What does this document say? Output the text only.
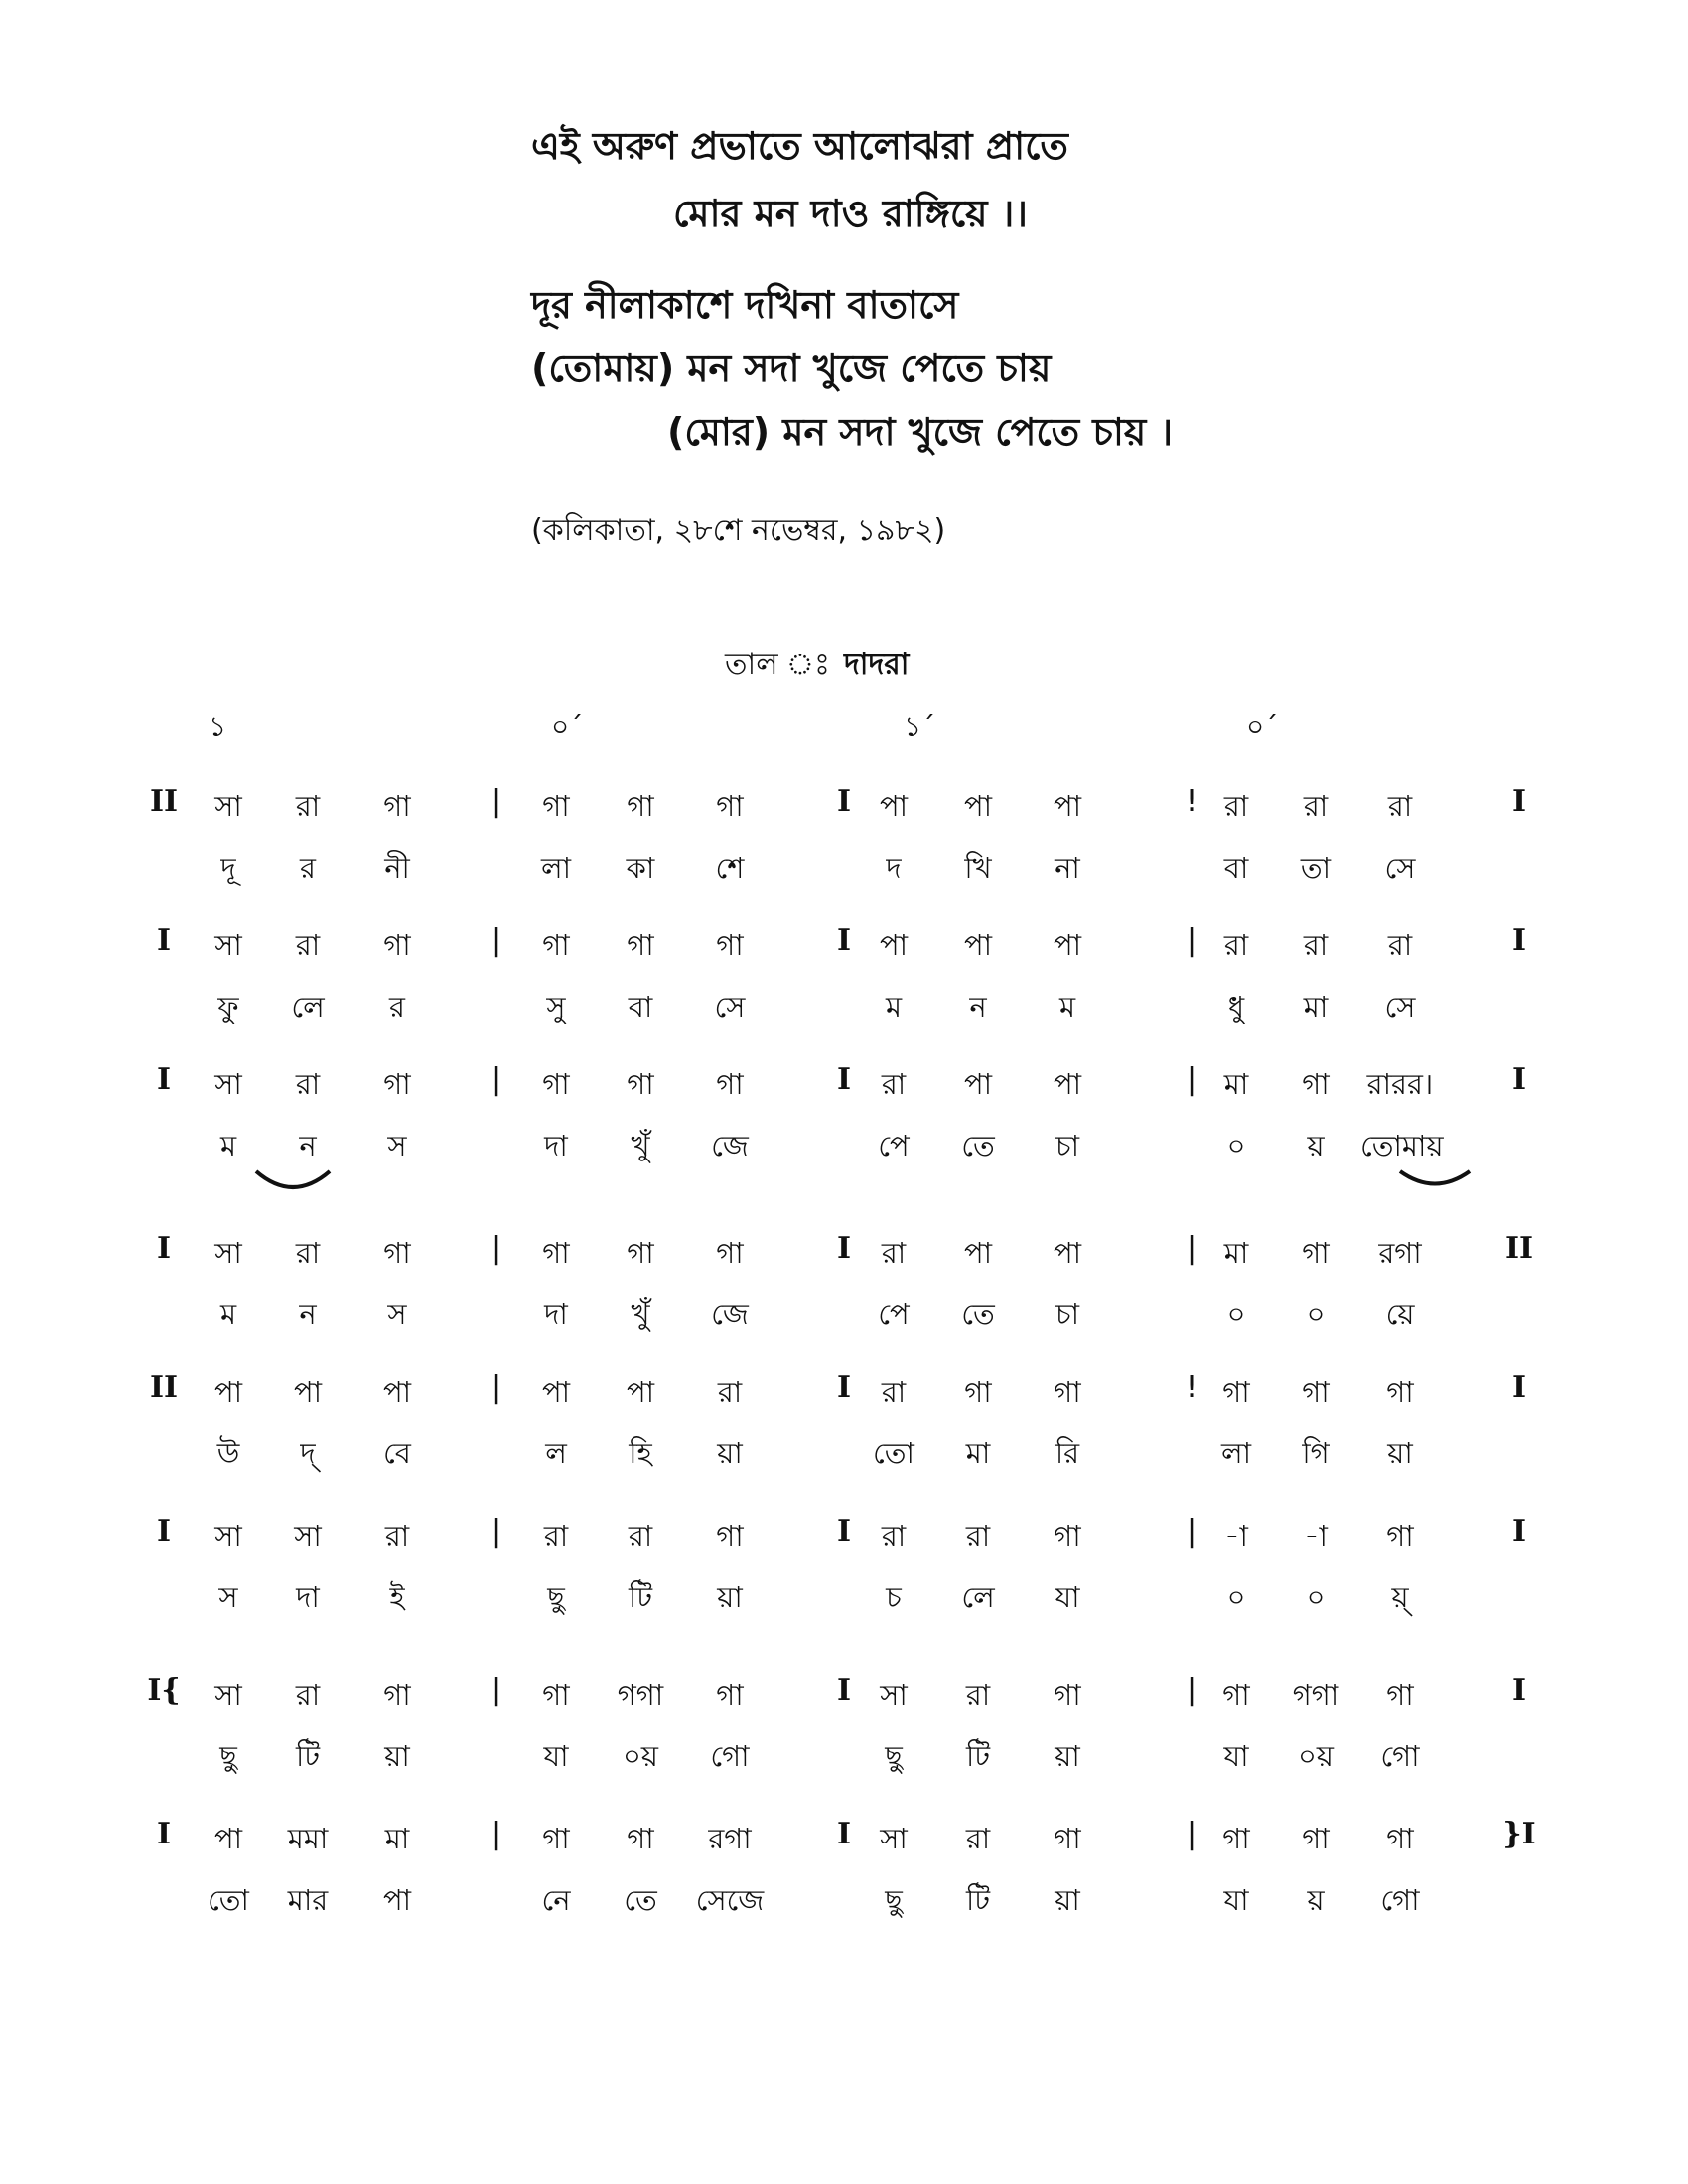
এই অরুণ প্রভাতে আলোঝরা প্রাতে
মোর মন দাও রাঙ্গিয়ে ।।
দূর নীলাকাশে দখিনা বাতাসে
(তোমায়) মন সদা খুজে পেতে চায়
(মোর) মন সদা খুজে পেতে চায় ।
(কলিকাতা, ২৮শে নভেম্বর, ১৯৮২)
তাল ঃ দাদরা
১	০´	১´	০´
II	|	I	!	I
সা	রা	গা	গা	গা	গা	পা	পা	পা	রা	রা	রা
দূ	র	নী	লা	কা	শে	দ	খি	না	বা	তা	সে
I	|	I	|	I
সা	রা	গা	গা	গা	গা	পা	পা	পা	রা	রা	রা
ফু	লে	র	সু	বা	সে	ম	ন	ম	ধু	মা	সে
I	|	I	|	I
সা	রা	গা	গা	গা	গা	রা	পা	পা	মা	গা	রারর।
ম	ন	স	দা	খুঁ	জে	পে	তে	চা	০	য়	তোমায়
I	|	I	|	II
সা	রা	গা	গা	গা	গা	রা	পা	পা	মা	গা	রগা
ম	ন	স	দা	খুঁ	জে	পে	তে	চা	০	০	য়ে
II	|	I	!	I
পা	পা	পা	পা	পা	রা	রা	গা	গা	গা	গা	গা
উ	দ্	বে	ল	হি	য়া	তো	মা	রি	লা	গি	য়া
I	|	I	|	I
সা	সা	রা	রা	রা	গা	রা	রা	গা	-া	-া	গা
স	দা	ই	ছু	টি	য়া	চ	লে	যা	০	০	য়্
I{	|	I	|	I
সা	রা	গা	গা	গগা	গা	সা	রা	গা	গা	গগা	গা
ছু	টি	য়া	যা	০য়	গো	ছু	টি	য়া	যা	০য়	গো
I	|	I	|	}I
পা	মমা	মা	গা	গা	রগা	সা	রা	গা	গা	গা	গা
তো	মার	পা	নে	তে	সেজে	ছু	টি	য়া	যা	য়	গো
